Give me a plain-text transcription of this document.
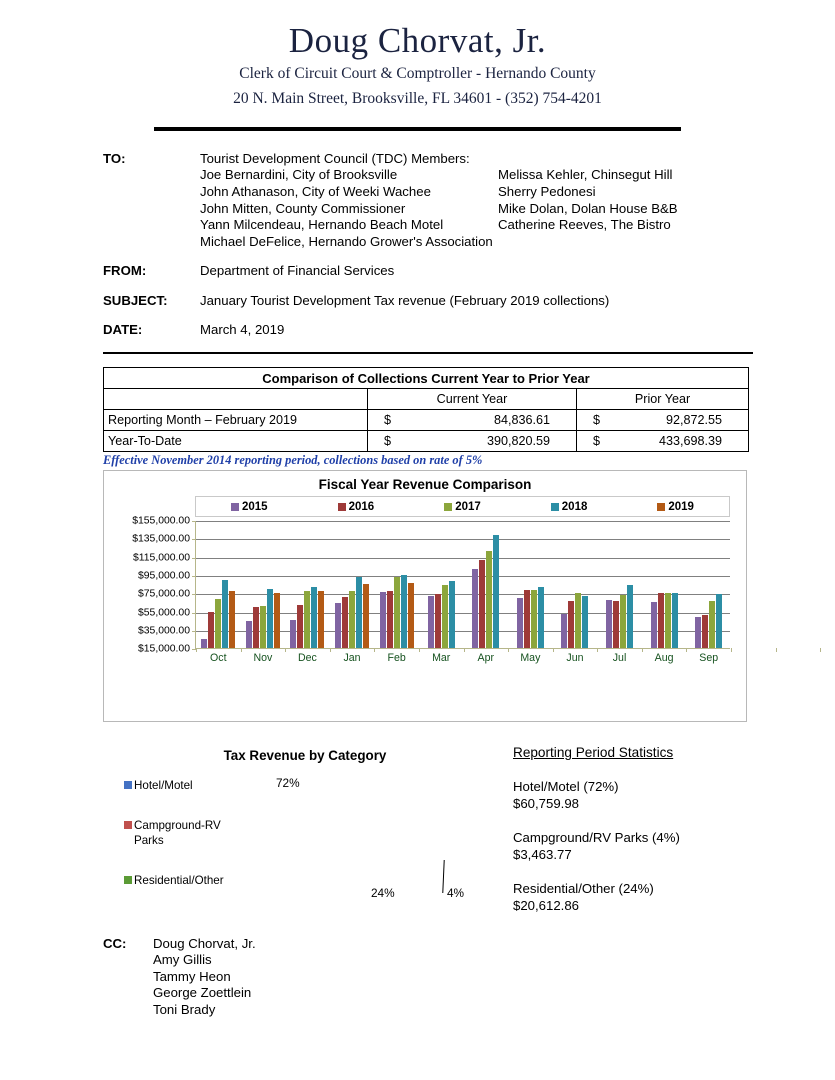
Doug Chorvat, Jr.
Clerk of Circuit Court & Comptroller - Hernando County
20 N. Main Street, Brooksville, FL 34601 - (352) 754-4201
TO:	Tourist Development Council (TDC) Members:
Joe Bernardini, City of Brooksville	Melissa Kehler, Chinsegut Hill
John Athanason, City of Weeki Wachee	Sherry Pedonesi
John Mitten, County Commissioner	Mike Dolan, Dolan House B&B
Yann Milcendeau, Hernando Beach Motel	Catherine Reeves, The Bistro
Michael DeFelice, Hernando Grower's Association
FROM:	Department of Financial Services
SUBJECT:	January Tourist Development Tax revenue (February 2019 collections)
DATE:	March 4, 2019
Comparison of Collections Current Year to Prior Year		
	Current Year	Prior Year
Reporting Month – February 2019	$ 84,836.61	$ 92,872.55

Year-To-Date	$ 390,820.59	$ 433,698.39
Effective November 2014 reporting period, collections based on rate of 5%
Fiscal Year Revenue Comparison
2015	2016	2017	2018	2019
$155,000.00
$135,000.00
$115,000.00
$95,000.00
$75,000.00
$55,000.00
$35,000.00
$15,000.00
Oct	Nov Dec	Jan	Feb Mar	Apr May Jun	Jul	Aug Sep
Tax Revenue by Category
Hotel/Motel
Campground-RV Parks
Residential/Other
72%
24%	4%
Reporting Period Statistics
Hotel/Motel (72%)
$60,759.98
Campground/RV Parks (4%)
$3,463.77
Residential/Other (24%)
$20,612.86
CC:	Doug Chorvat, Jr.
Amy Gillis
Tammy Heon
George Zoettlein
Toni Brady
